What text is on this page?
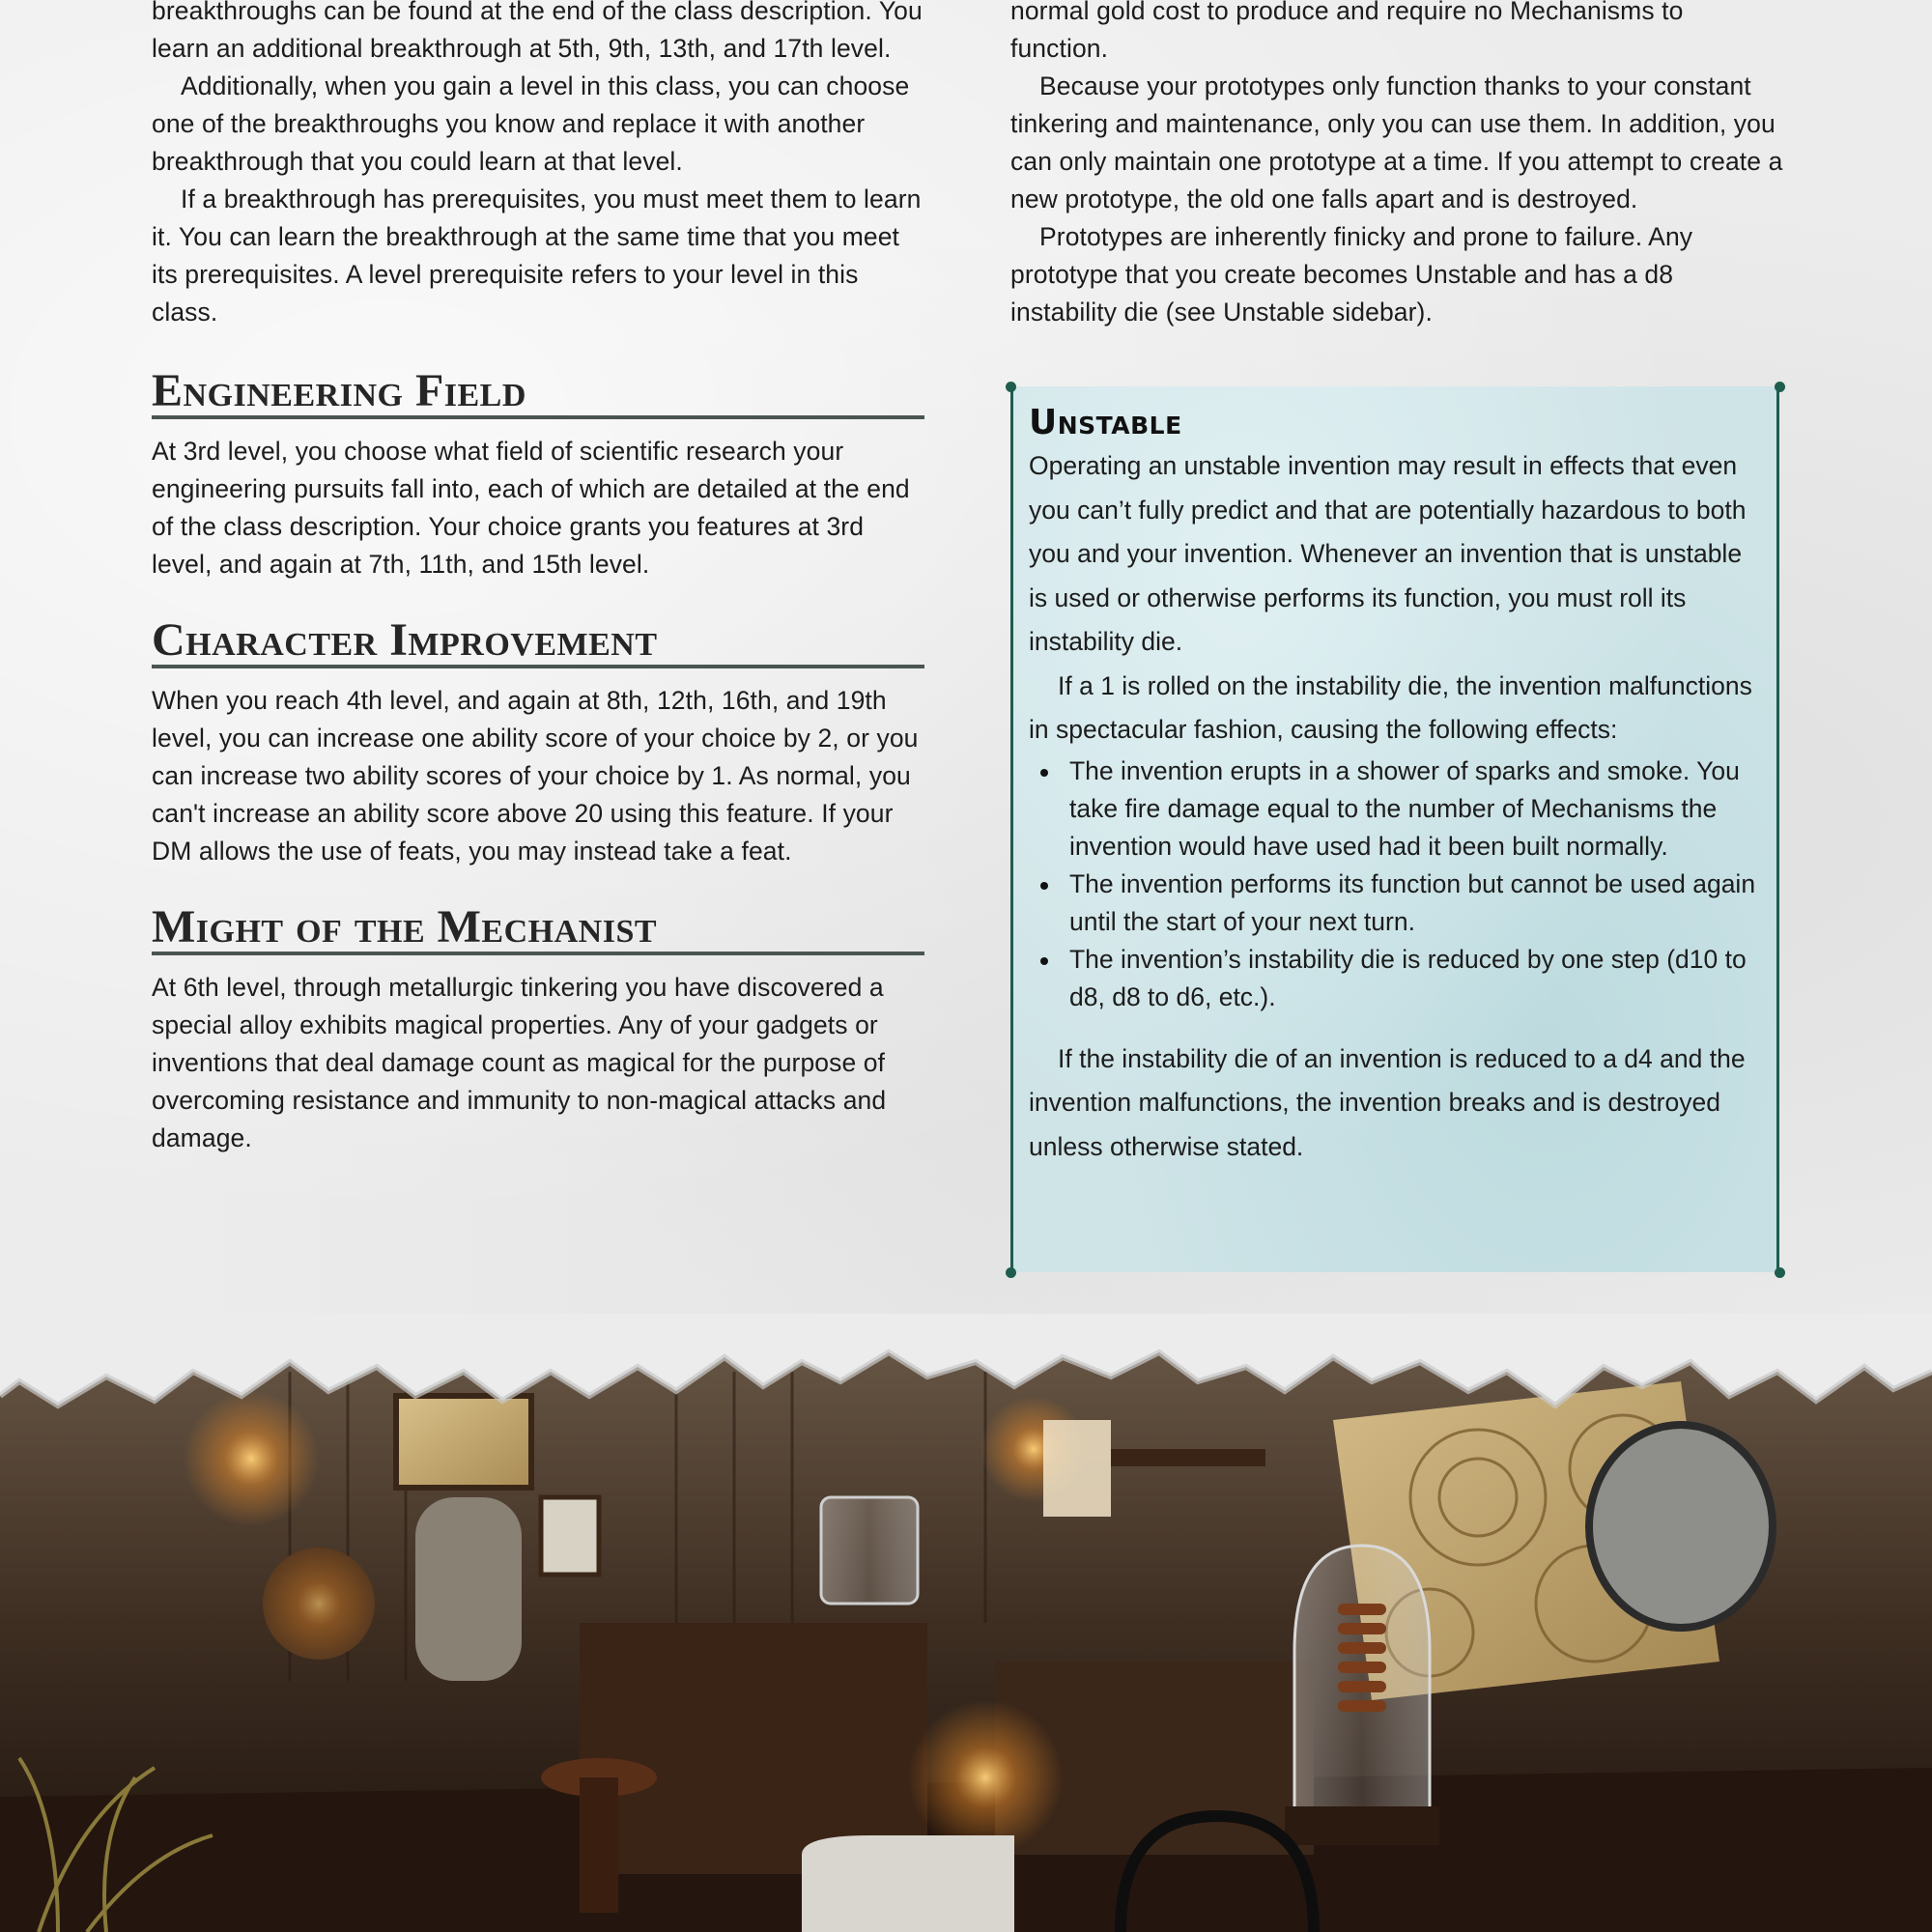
breakthroughs can be found at the end of the class description. You learn an additional breakthrough at 5th, 9th, 13th, and 17th level.

Additionally, when you gain a level in this class, you can choose one of the breakthroughs you know and replace it with another breakthrough that you could learn at that level.

If a breakthrough has prerequisites, you must meet them to learn it. You can learn the breakthrough at the same time that you meet its prerequisites. A level prerequisite refers to your level in this class.

Engineering Field

At 3rd level, you choose what field of scientific research your engineering pursuits fall into, each of which are detailed at the end of the class description. Your choice grants you features at 3rd level, and again at 7th, 11th, and 15th level.

Character Improvement

When you reach 4th level, and again at 8th, 12th, 16th, and 19th level, you can increase one ability score of your choice by 2, or you can increase two ability scores of your choice by 1. As normal, you can't increase an ability score above 20 using this feature. If your DM allows the use of feats, you may instead take a feat.

Might of the Mechanist

At 6th level, through metallurgic tinkering you have discovered a special alloy exhibits magical properties. Any of your gadgets or inventions that deal damage count as magical for the purpose of overcoming resistance and immunity to non-magical attacks and damage.

normal gold cost to produce and require no Mechanisms to function.

Because your prototypes only function thanks to your constant tinkering and maintenance, only you can use them. In addition, you can only maintain one prototype at a time. If you attempt to create a new prototype, the old one falls apart and is destroyed.

Prototypes are inherently finicky and prone to failure. Any prototype that you create becomes Unstable and has a d8 instability die (see Unstable sidebar).

Unstable

Operating an unstable invention may result in effects that even you can’t fully predict and that are potentially hazardous to both you and your invention. Whenever an invention that is unstable is used or otherwise performs its function, you must roll its instability die.

If a 1 is rolled on the instability die, the invention malfunctions in spectacular fashion, causing the following effects:

The invention erupts in a shower of sparks and smoke. You take fire damage equal to the number of Mechanisms the invention would have used had it been built normally.
The invention performs its function but cannot be used again until the start of your next turn.
The invention’s instability die is reduced by one step (d10 to d8, d8 to d6, etc.).

If the instability die of an invention is reduced to a d4 and the invention malfunctions, the invention breaks and is destroyed unless otherwise stated.
